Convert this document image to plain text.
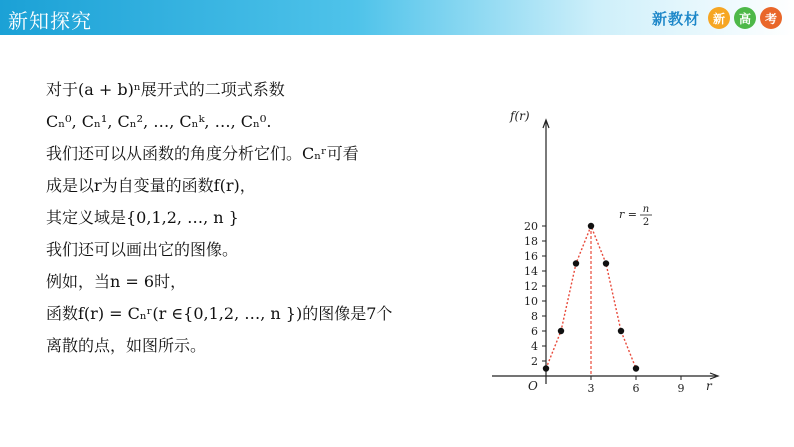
新知探究	新教材	新	高	考
对于(a + b)ⁿ展开式的二项式系数
Cₙ⁰, Cₙ¹, Cₙ², …, Cₙᵏ, …, Cₙ⁰.
我们还可以从函数的角度分析它们。Cₙʳ可看
成是以r为自变量的函数f(r)，
其定义域是{0,1,2, …, n }
我们还可以画出它的图像。
例如，当n = 6时，
函数f(r) = Cₙʳ(r ∈{0,1,2, …, n })的图像是7个
离散的点，如图所示。
f(r)
r
O
2
4
6
8
10
12
14
16
18
20
3	6	9
r = n
2
